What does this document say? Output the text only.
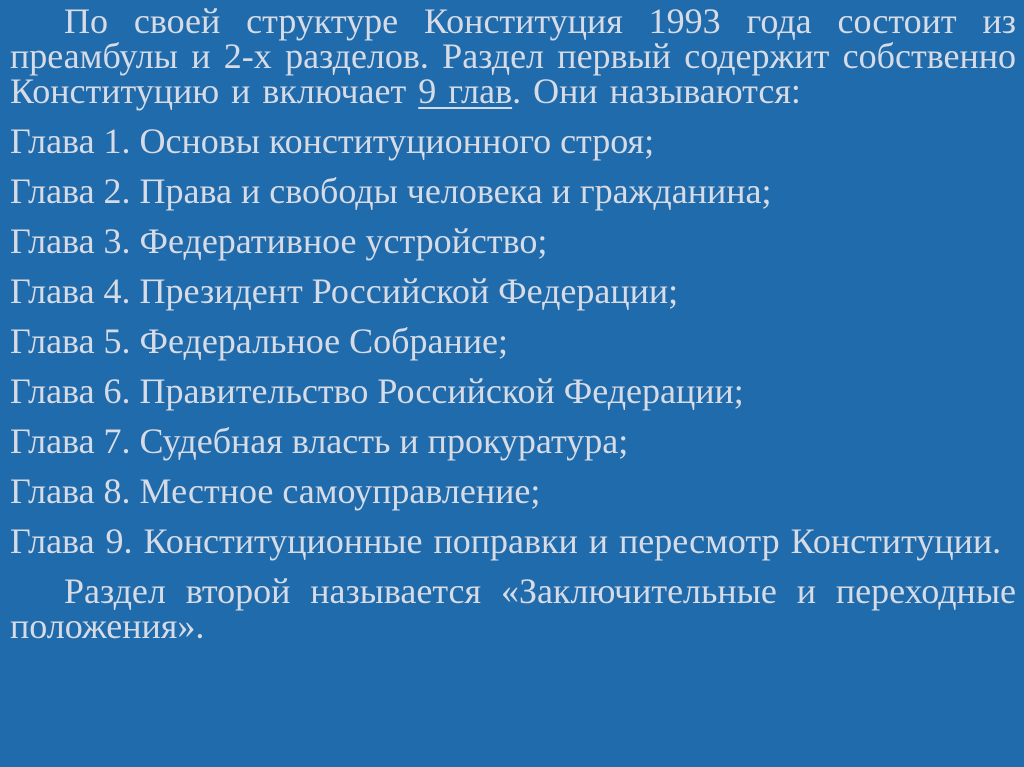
По своей структуре Конституция 1993 года состоит из преамбулы и 2-х разделов. Раздел первый содержит собственно Конституцию и включает 9 глав. Они называются:

Глава 1. Основы конституционного строя;

Глава 2. Права и свободы человека и гражданина;

Глава 3. Федеративное устройство;

Глава 4. Президент Российской Федерации;

Глава 5. Федеральное Собрание;

Глава 6. Правительство Российской Федерации;

Глава 7. Судебная власть и прокуратура;

Глава 8. Местное самоуправление;

Глава 9. Конституционные поправки и пересмотр Конституции.

Раздел второй называется «Заключительные и переходные положения».
